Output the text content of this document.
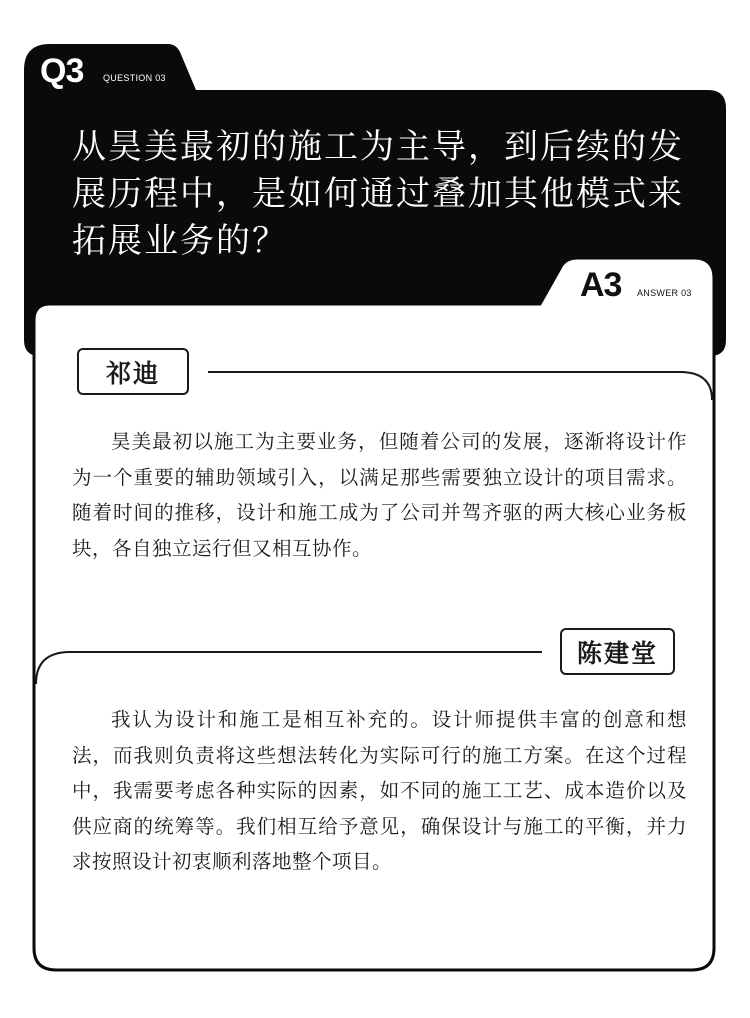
Q3 QUESTION 03
从昊美最初的施工为主导，到后续的发展历程中，是如何通过叠加其他模式来拓展业务的？
A3 ANSWER 03
祁迪

昊美最初以施工为主要业务，但随着公司的发展，逐渐将设计作为一个重要的辅助领域引入，以满足那些需要独立设计的项目需求。随着时间的推移，设计和施工成为了公司并驾齐驱的两大核心业务板块，各自独立运行但又相互协作。

陈建堂

我认为设计和施工是相互补充的。设计师提供丰富的创意和想法，而我则负责将这些想法转化为实际可行的施工方案。在这个过程中，我需要考虑各种实际的因素，如不同的施工工艺、成本造价以及供应商的统筹等。我们相互给予意见，确保设计与施工的平衡，并力求按照设计初衷顺利落地整个项目。
